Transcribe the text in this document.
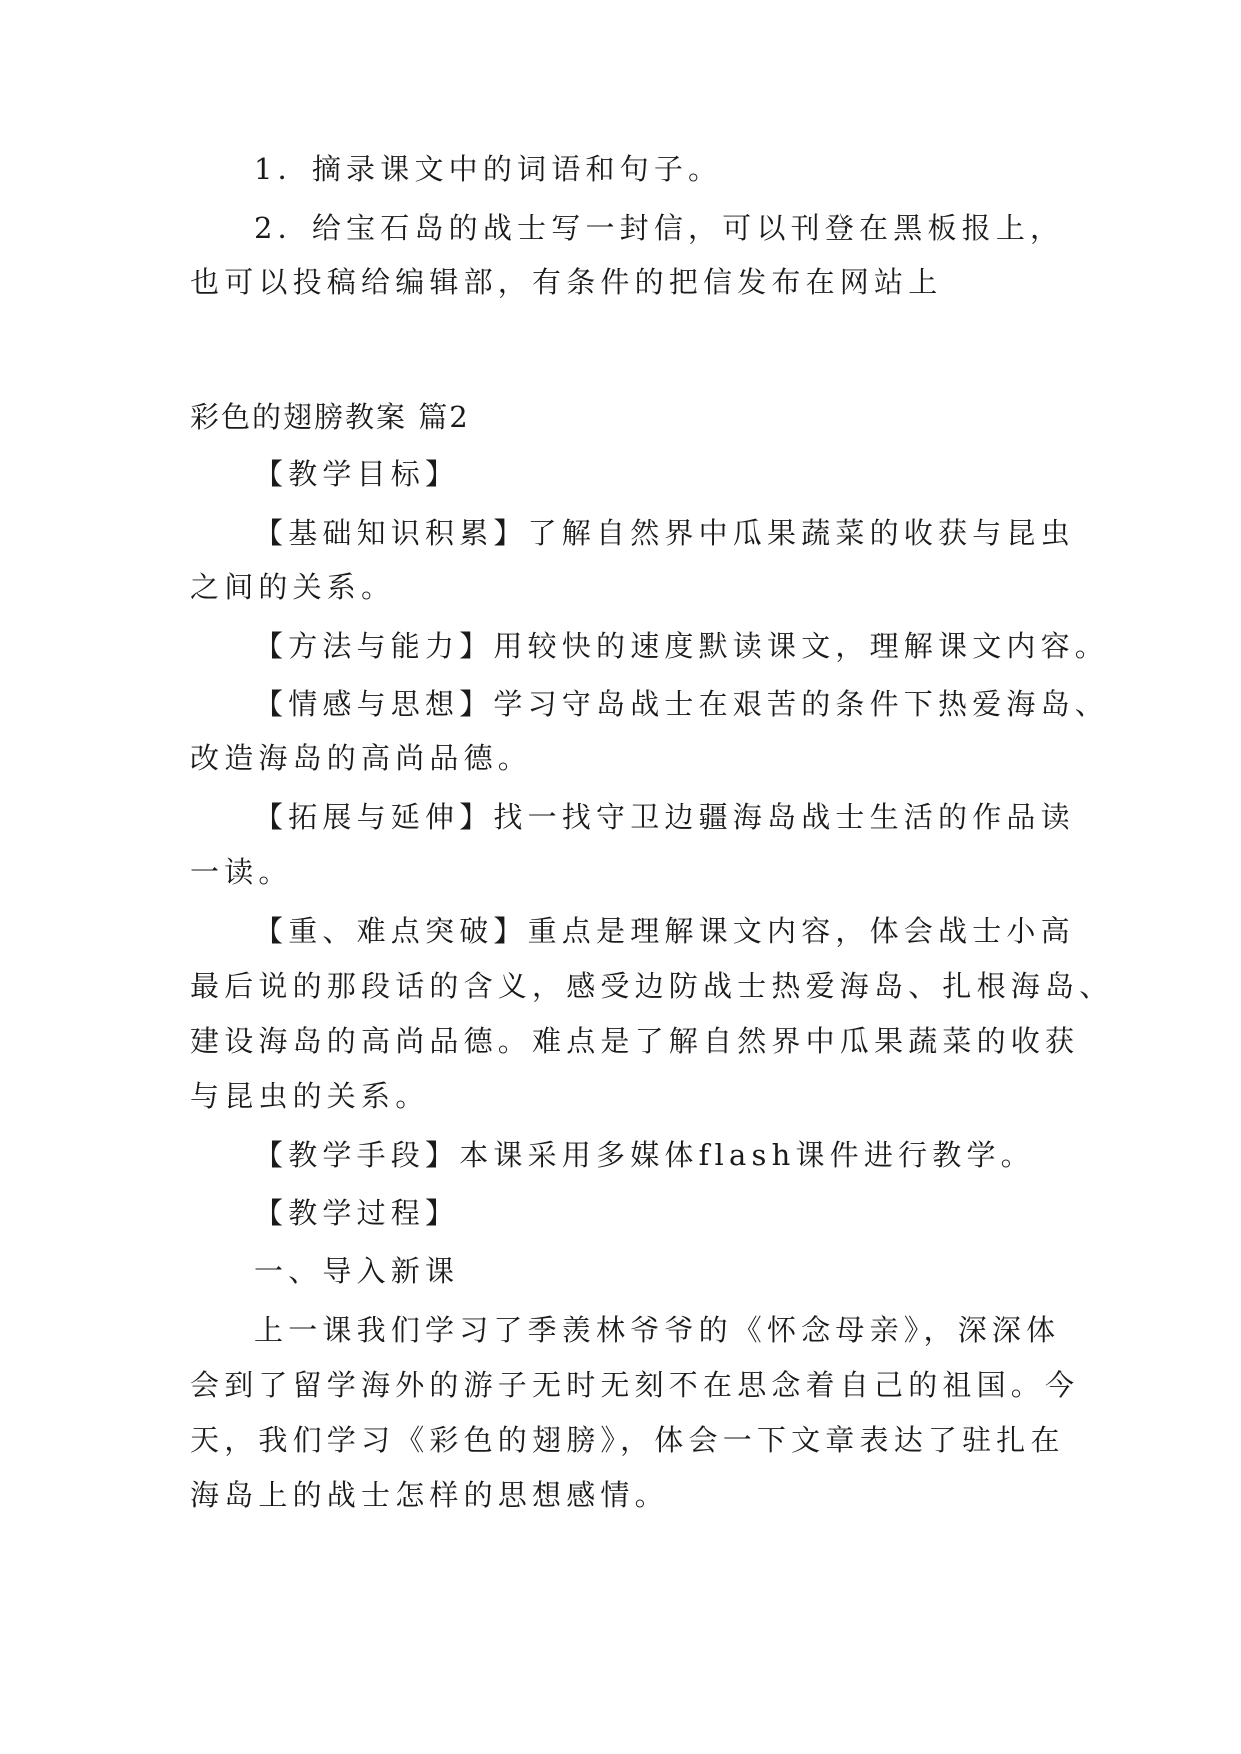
1．摘录课文中的词语和句子。
2．给宝石岛的战士写一封信，可以刊登在黑板报上，
也可以投稿给编辑部，有条件的把信发布在网站上
彩色的翅膀教案 篇2
【教学目标】
【基础知识积累】了解自然界中瓜果蔬菜的收获与昆虫
之间的关系。
【方法与能力】用较快的速度默读课文，理解课文内容。
【情感与思想】学习守岛战士在艰苦的条件下热爱海岛、
改造海岛的高尚品德。
【拓展与延伸】找一找守卫边疆海岛战士生活的作品读
一读。
【重、难点突破】重点是理解课文内容，体会战士小高
最后说的那段话的含义，感受边防战士热爱海岛、扎根海岛、
建设海岛的高尚品德。难点是了解自然界中瓜果蔬菜的收获
与昆虫的关系。
【教学手段】本课采用多媒体flash课件进行教学。
【教学过程】
一、导入新课
上一课我们学习了季羡林爷爷的《怀念母亲》，深深体
会到了留学海外的游子无时无刻不在思念着自己的祖国。今
天，我们学习《彩色的翅膀》，体会一下文章表达了驻扎在
海岛上的战士怎样的思想感情。
